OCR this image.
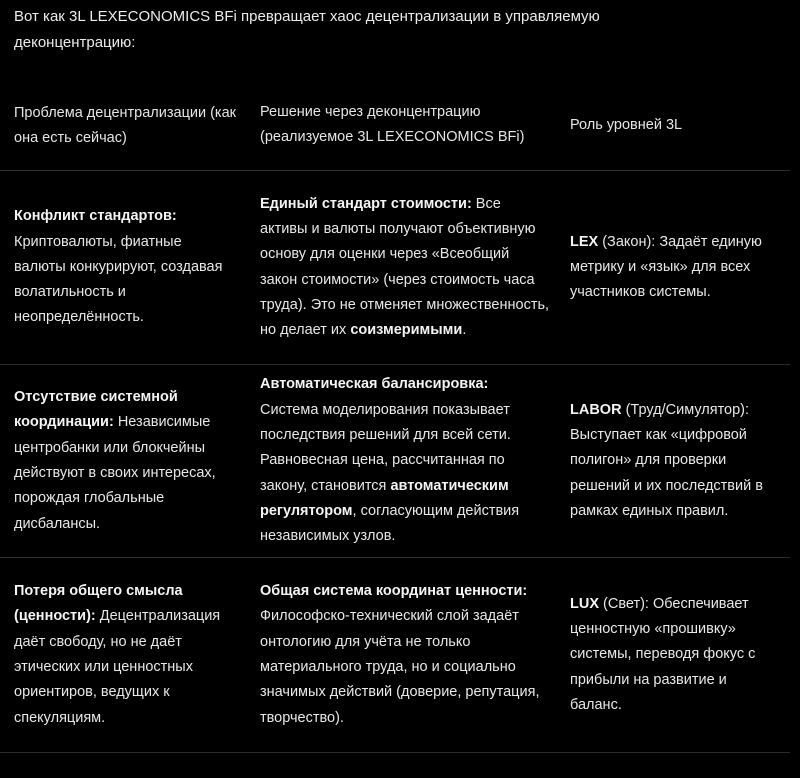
Вот как 3L LEXECONOMICS BFi превращает хаос децентрализации в управляемую деконцентрацию:

Проблема децентрализации (как она есть сейчас)

Решение через деконцентрацию (реализуемое 3L LEXECONOMICS BFi)

Роль уровней 3L

Конфликт стандартов: Криптовалюты, фиатные валюты конкурируют, создавая волатильность и неопределённость.

Единый стандарт стоимости: Все активы и валюты получают объективную основу для оценки через «Всеобщий закон стоимости» (через стоимость часа труда). Это не отменяет множественность, но делает их соизмеримыми.

LEX (Закон): Задаёт единую метрику и «язык» для всех участников системы.

Отсутствие системной координации: Независимые центробанки или блокчейны действуют в своих интересах, порождая глобальные дисбалансы.

Автоматическая балансировка: Система моделирования показывает последствия решений для всей сети. Равновесная цена, рассчитанная по закону, становится автоматическим регулятором, согласующим действия независимых узлов.

LABOR (Труд/Симулятор): Выступает как «цифровой полигон» для проверки решений и их последствий в рамках единых правил.

Потеря общего смысла (ценности): Децентрализация даёт свободу, но не даёт этических или ценностных ориентиров, ведущих к спекуляциям.

Общая система координат ценности: Философско-технический слой задаёт онтологию для учёта не только материального труда, но и социально значимых действий (доверие, репутация, творчество).

LUX (Свет): Обеспечивает ценностную «прошивку» системы, переводя фокус с прибыли на развитие и баланс.
